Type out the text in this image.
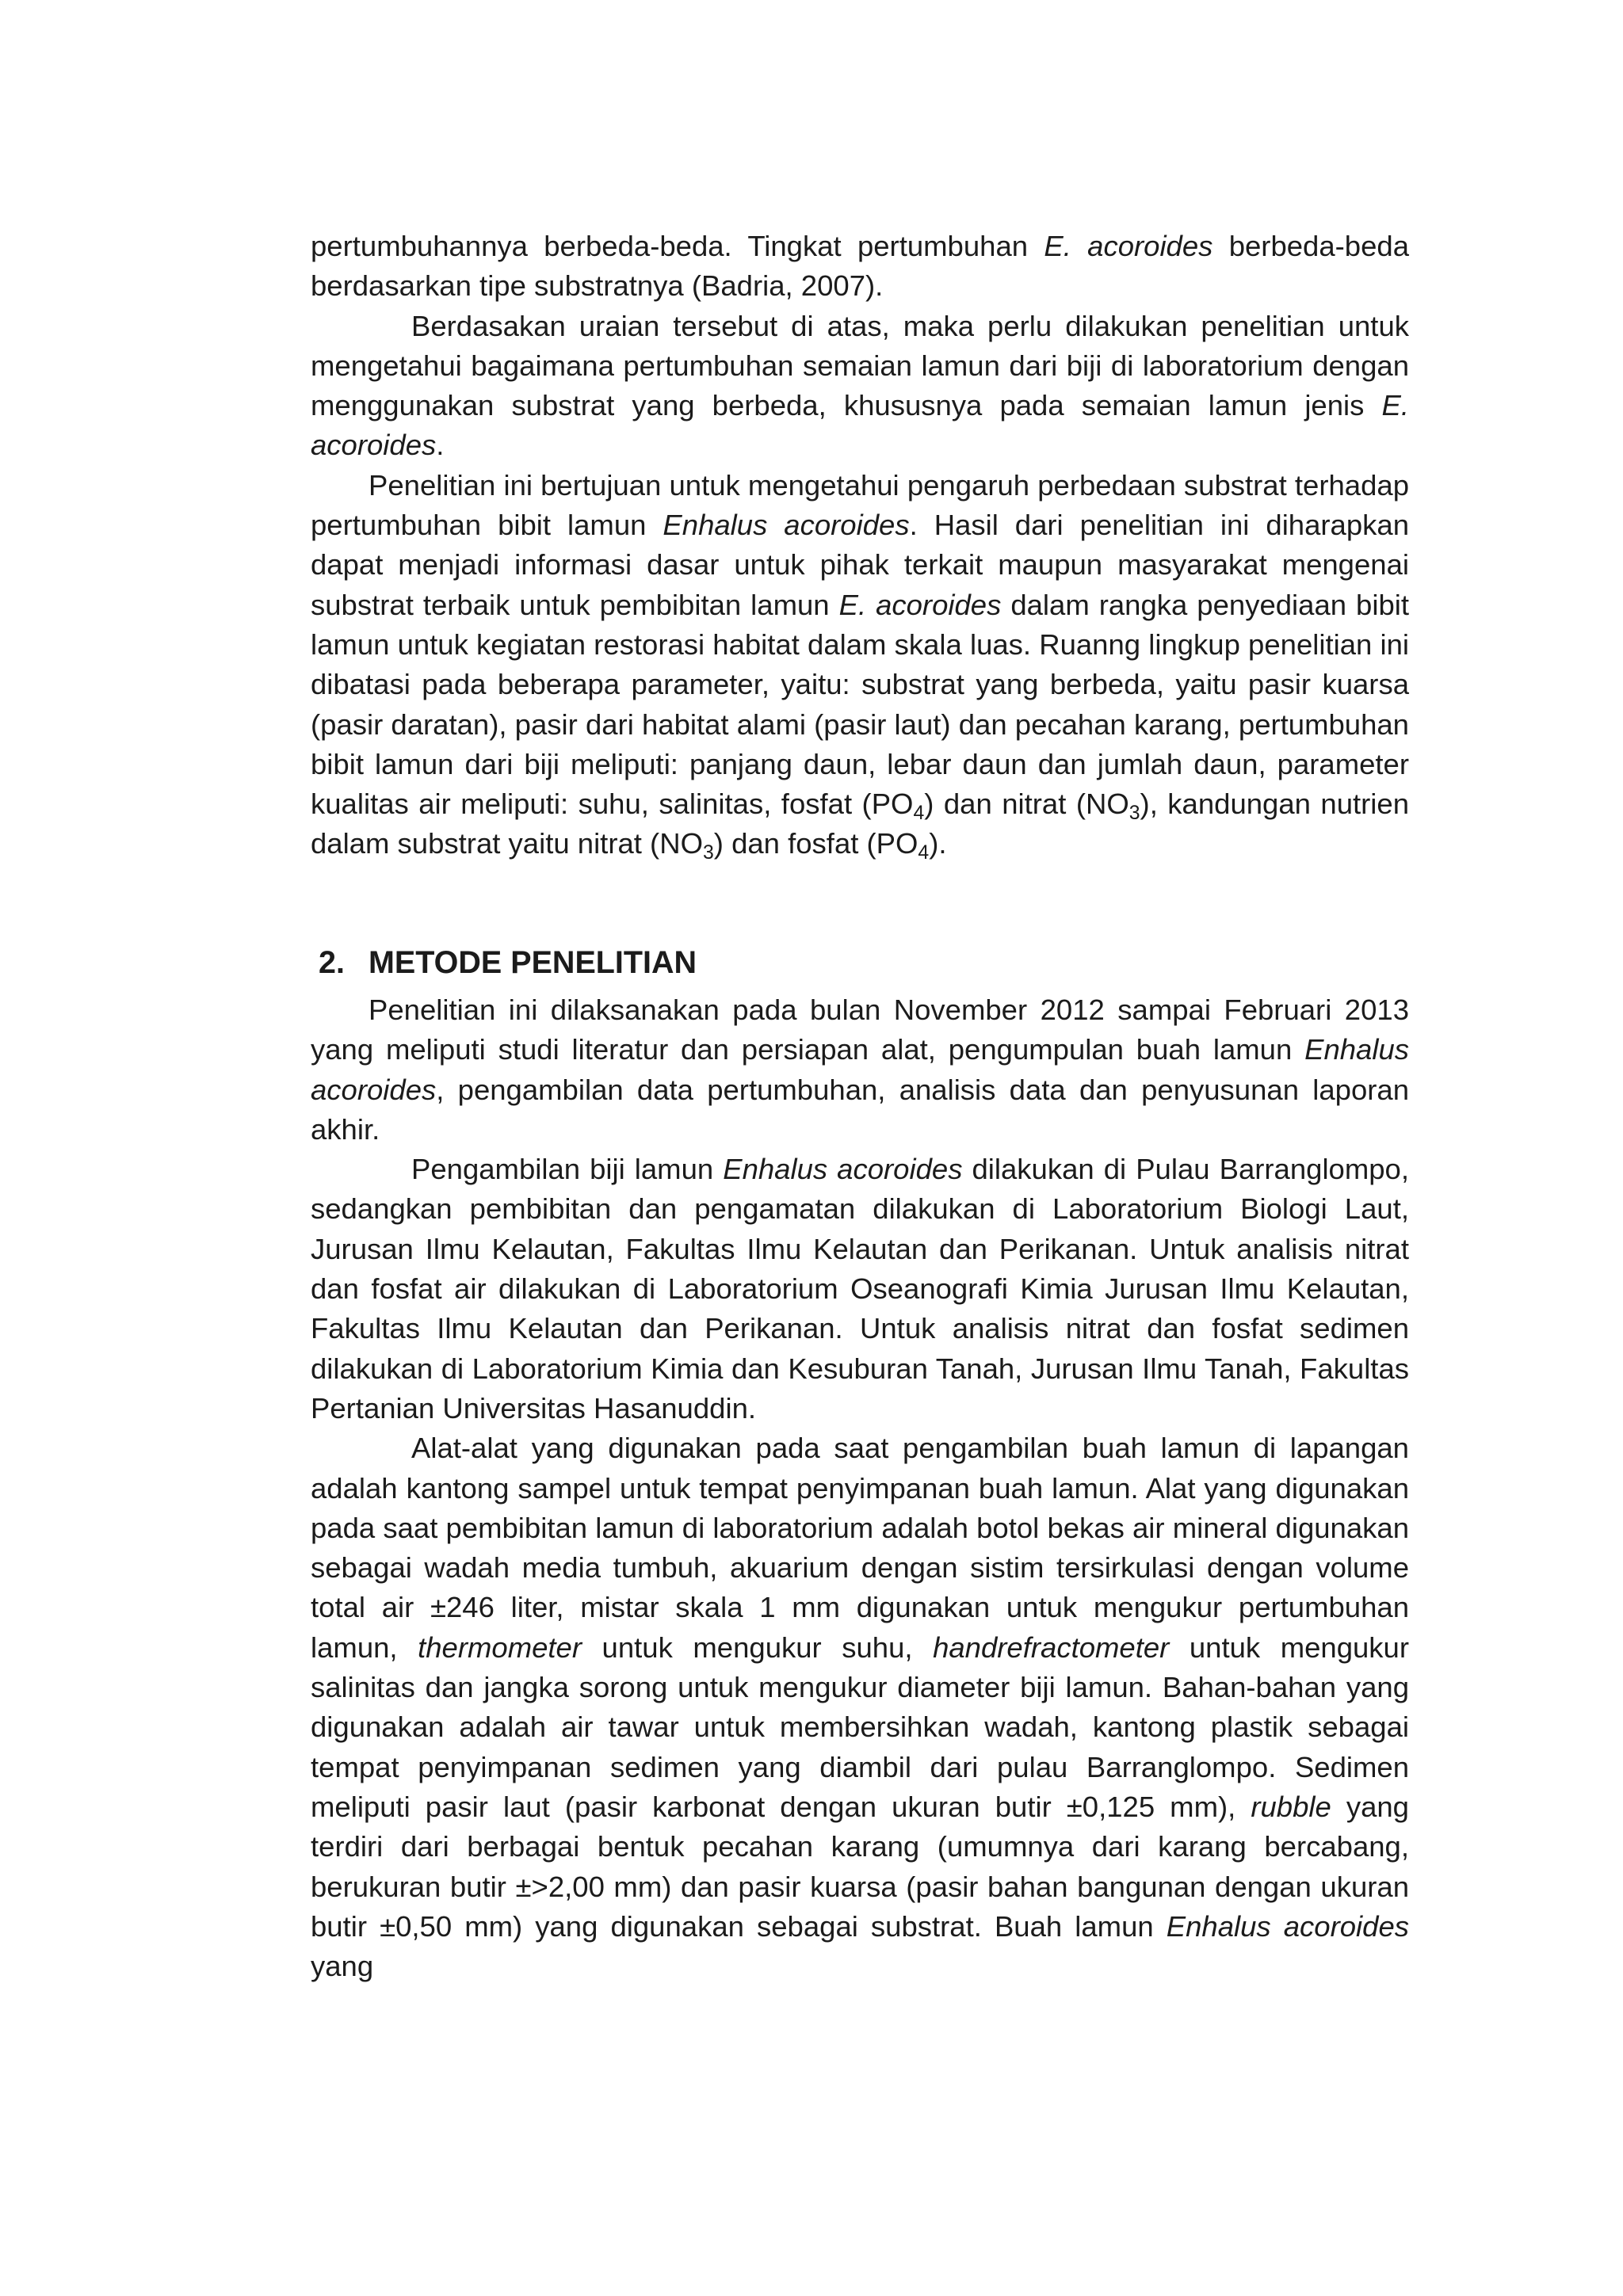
pertumbuhannya berbeda-beda. Tingkat pertumbuhan E. acoroides berbeda-beda berdasarkan tipe substratnya (Badria, 2007).

Berdasakan uraian tersebut di atas, maka perlu dilakukan penelitian untuk mengetahui bagaimana pertumbuhan semaian lamun dari biji di laboratorium dengan menggunakan substrat yang berbeda, khususnya pada semaian lamun jenis E. acoroides.

Penelitian ini bertujuan untuk mengetahui pengaruh perbedaan substrat terhadap pertumbuhan bibit lamun Enhalus acoroides. Hasil dari penelitian ini diharapkan dapat menjadi informasi dasar untuk pihak terkait maupun masyarakat mengenai substrat terbaik untuk pembibitan lamun E. acoroides dalam rangka penyediaan bibit lamun untuk kegiatan restorasi habitat dalam skala luas. Ruanng lingkup penelitian ini dibatasi pada beberapa parameter, yaitu: substrat yang berbeda, yaitu pasir kuarsa (pasir daratan), pasir dari habitat alami (pasir laut) dan pecahan karang, pertumbuhan bibit lamun dari biji meliputi: panjang daun, lebar daun dan jumlah daun, parameter kualitas air meliputi: suhu, salinitas, fosfat $(PO_4)$ dan nitrat $(NO_3)$, kandungan nutrien dalam substrat yaitu nitrat $(NO_3)$ dan fosfat $(PO_4)$.

2. METODE PENELITIAN

Penelitian ini dilaksanakan pada bulan November 2012 sampai Februari 2013 yang meliputi studi literatur dan persiapan alat, pengumpulan buah lamun Enhalus acoroides, pengambilan data pertumbuhan, analisis data dan penyusunan laporan akhir.

Pengambilan biji lamun Enhalus acoroides dilakukan di Pulau Barranglompo, sedangkan pembibitan dan pengamatan dilakukan di Laboratorium Biologi Laut, Jurusan Ilmu Kelautan, Fakultas Ilmu Kelautan dan Perikanan. Untuk analisis nitrat dan fosfat air dilakukan di Laboratorium Oseanografi Kimia Jurusan Ilmu Kelautan, Fakultas Ilmu Kelautan dan Perikanan. Untuk analisis nitrat dan fosfat sedimen dilakukan di Laboratorium Kimia dan Kesuburan Tanah, Jurusan Ilmu Tanah, Fakultas Pertanian Universitas Hasanuddin.

Alat-alat yang digunakan pada saat pengambilan buah lamun di lapangan adalah kantong sampel untuk tempat penyimpanan buah lamun. Alat yang digunakan pada saat pembibitan lamun di laboratorium adalah botol bekas air mineral digunakan sebagai wadah media tumbuh, akuarium dengan sistim tersirkulasi dengan volume total air ±246 liter, mistar skala 1 mm digunakan untuk mengukur pertumbuhan lamun, thermometer untuk mengukur suhu, handrefractometer untuk mengukur salinitas dan jangka sorong untuk mengukur diameter biji lamun. Bahan-bahan yang digunakan adalah air tawar untuk membersihkan wadah, kantong plastik sebagai tempat penyimpanan sedimen yang diambil dari pulau Barranglompo. Sedimen meliputi pasir laut (pasir karbonat dengan ukuran butir ±0,125 mm), rubble yang terdiri dari berbagai bentuk pecahan karang (umumnya dari karang bercabang, berukuran butir ±>2,00 mm) dan pasir kuarsa (pasir bahan bangunan dengan ukuran butir ±0,50 mm) yang digunakan sebagai substrat. Buah lamun Enhalus acoroides yang
